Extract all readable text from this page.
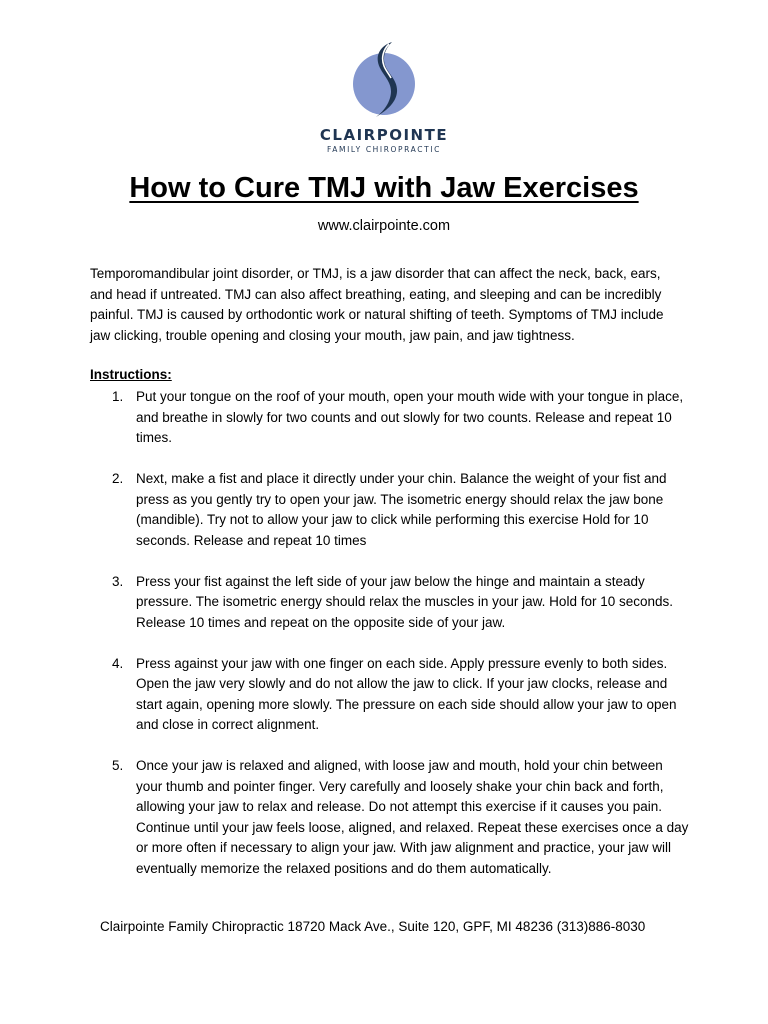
CLAIRPOINTE
FAMILY CHIROPRACTIC
How to Cure TMJ with Jaw Exercises

www.clairpointe.com

Temporomandibular joint disorder, or TMJ, is a jaw disorder that can affect the neck, back, ears, and head if untreated. TMJ can also affect breathing, eating, and sleeping and can be incredibly painful. TMJ is caused by orthodontic work or natural shifting of teeth. Symptoms of TMJ include jaw clicking, trouble opening and closing your mouth, jaw pain, and jaw tightness.

Instructions:

1. Put your tongue on the roof of your mouth, open your mouth wide with your tongue in place, and breathe in slowly for two counts and out slowly for two counts. Release and repeat 10 times.
2. Next, make a fist and place it directly under your chin. Balance the weight of your fist and press as you gently try to open your jaw. The isometric energy should relax the jaw bone (mandible). Try not to allow your jaw to click while performing this exercise Hold for 10 seconds. Release and repeat 10 times
3. Press your fist against the left side of your jaw below the hinge and maintain a steady pressure. The isometric energy should relax the muscles in your jaw. Hold for 10 seconds. Release 10 times and repeat on the opposite side of your jaw.
4. Press against your jaw with one finger on each side. Apply pressure evenly to both sides. Open the jaw very slowly and do not allow the jaw to click. If your jaw clocks, release and start again, opening more slowly. The pressure on each side should allow your jaw to open and close in correct alignment.
5. Once your jaw is relaxed and aligned, with loose jaw and mouth, hold your chin between your thumb and pointer finger. Very carefully and loosely shake your chin back and forth, allowing your jaw to relax and release. Do not attempt this exercise if it causes you pain. Continue until your jaw feels loose, aligned, and relaxed. Repeat these exercises once a day or more often if necessary to align your jaw. With jaw alignment and practice, your jaw will eventually memorize the relaxed positions and do them automatically.

Clairpointe Family Chiropractic 18720 Mack Ave., Suite 120, GPF, MI 48236 (313)886-8030
